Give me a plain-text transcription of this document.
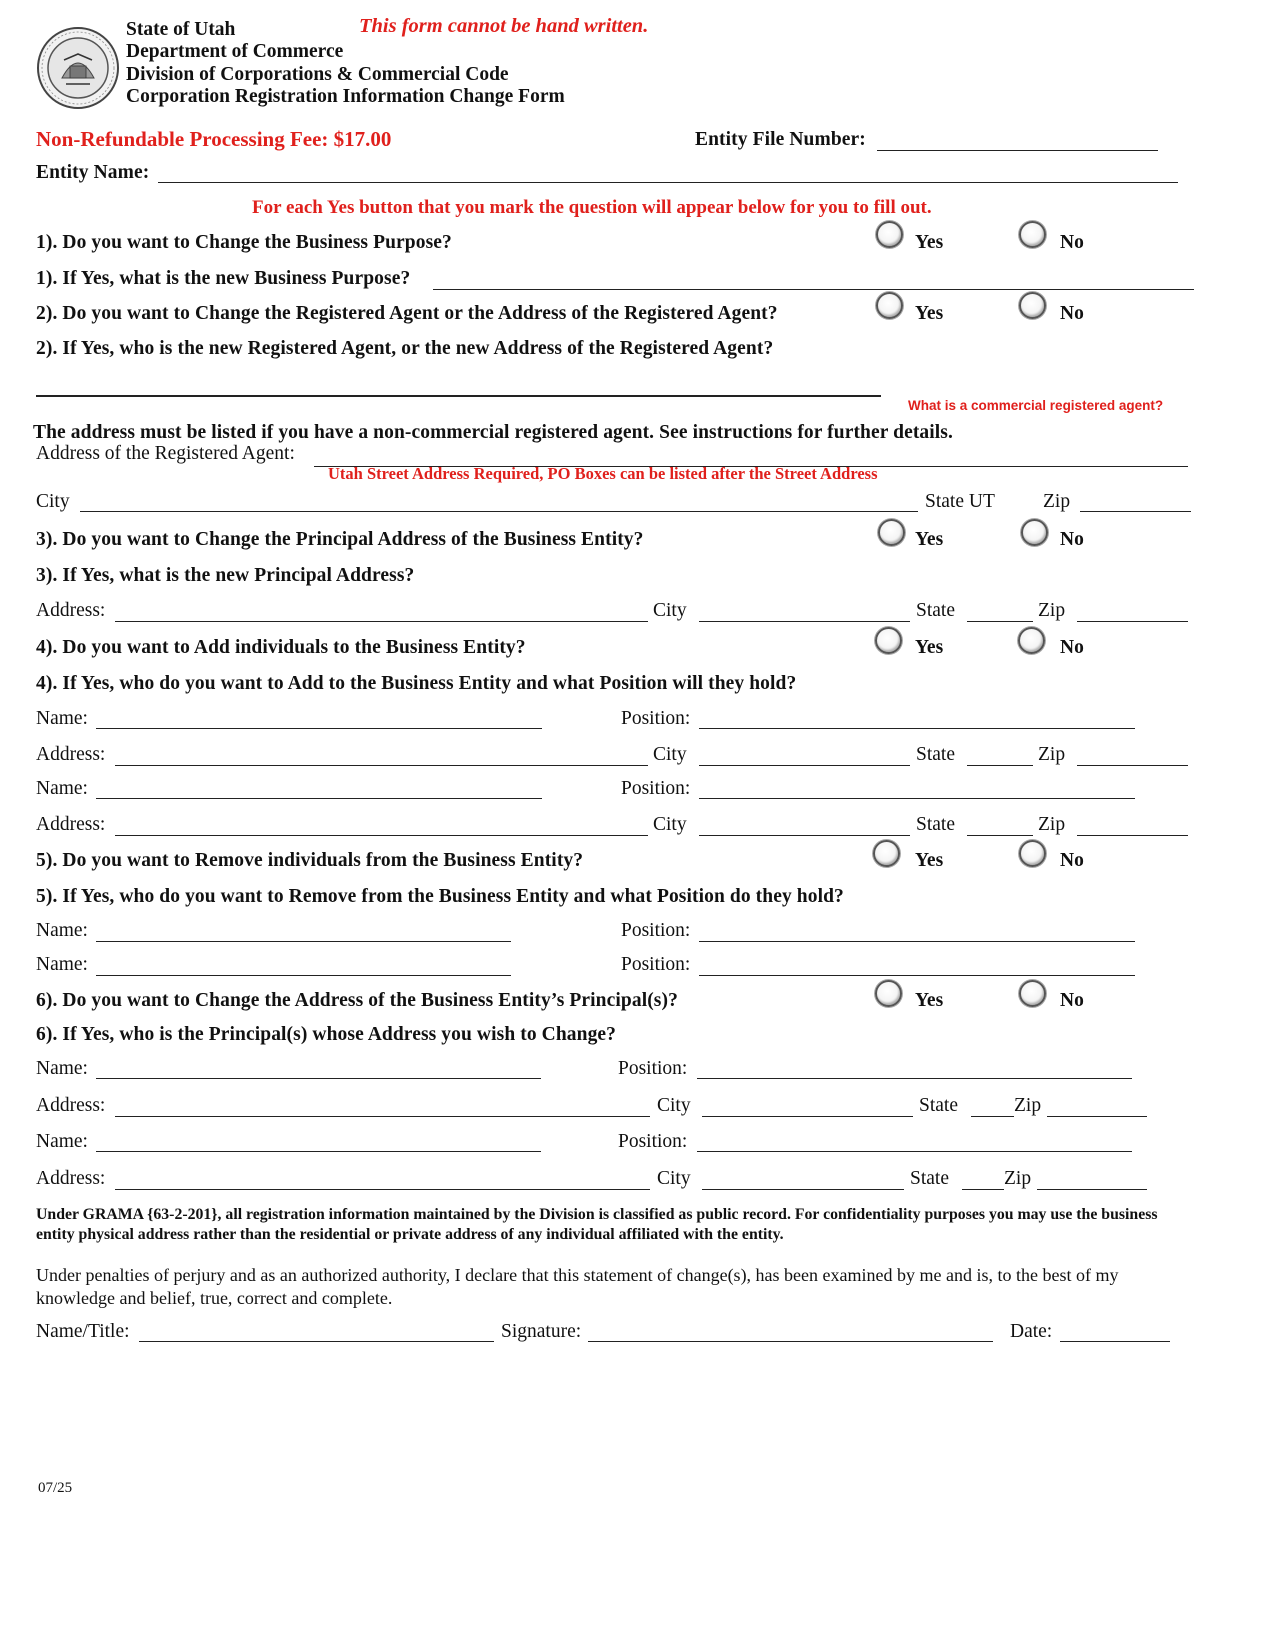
State of Utah
Department of Commerce
Division of Corporations & Commercial Code
Corporation Registration Information Change Form
This form cannot be hand written.
Non-Refundable Processing Fee: $17.00	Entity File Number:
Entity Name:
For each Yes button that you mark the question will appear below for you to fill out.
1). Do you want to Change the Business Purpose?	Yes	No
1). If Yes, what is the new Business Purpose?
2). Do you want to Change the Registered Agent or the Address of the Registered Agent?	Yes	No
2). If Yes, who is the new Registered Agent, or the new Address of the Registered Agent?
What is a commercial registered agent?
The address must be listed if you have a non-commercial registered agent. See instructions for further details.
Address of the Registered Agent:
Utah Street Address Required, PO Boxes can be listed after the Street Address
City	State UT Zip
3). Do you want to Change the Principal Address of the Business Entity?	Yes	No
3). If Yes, what is the new Principal Address?
Address:	City	State	Zip
4). Do you want to Add individuals to the Business Entity?	Yes	No
4). If Yes, who do you want to Add to the Business Entity and what Position will they hold?
Name:	Position:
Address:	City	State	Zip
Name:	Position:
Address:	City	State	Zip
5). Do you want to Remove individuals from the Business Entity?	Yes	No
5). If Yes, who do you want to Remove from the Business Entity and what Position do they hold?
Name:	Position:
Name:	Position:
6). Do you want to Change the Address of the Business Entity’s Principal(s)?	Yes	No
6). If Yes, who is the Principal(s) whose Address you wish to Change?
Name:	Position:
Address:	City	State	Zip
Name:	Position:
Address:	City	State	Zip
Under GRAMA {63-2-201}, all registration information maintained by the Division is classified as public record. For confidentiality purposes you may use the business entity physical address rather than the residential or private address of any individual affiliated with the entity.
Under penalties of perjury and as an authorized authority, I declare that this statement of change(s), has been examined by me and is, to the best of my knowledge and belief, true, correct and complete.
Name/Title:	Signature:	Date:
07/25
